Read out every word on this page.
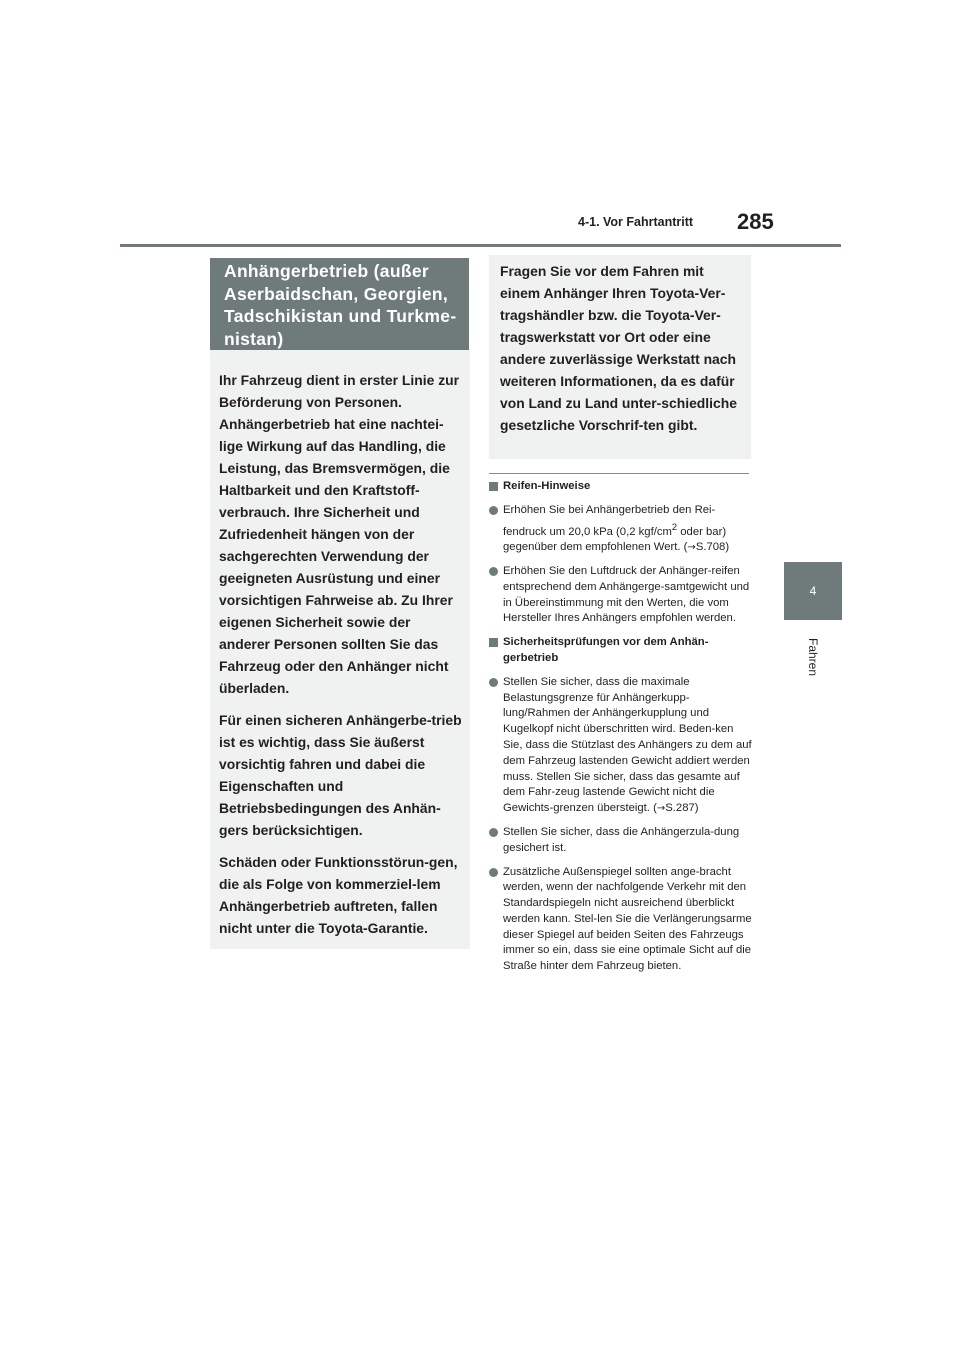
4-1. Vor Fahrtantritt 285
4
Fahren
Anhängerbetrieb (außer Aserbaidschan, Georgien, Tadschikistan und Turkme-nistan)

Ihr Fahrzeug dient in erster Linie zur Beförderung von Personen. Anhängerbetrieb hat eine nachtei-lige Wirkung auf das Handling, die Leistung, das Bremsvermögen, die Haltbarkeit und den Kraftstoff-verbrauch. Ihre Sicherheit und Zufriedenheit hängen von der sachgerechten Verwendung der geeigneten Ausrüstung und einer vorsichtigen Fahrweise ab. Zu Ihrer eigenen Sicherheit sowie der anderer Personen sollten Sie das Fahrzeug oder den Anhänger nicht überladen.

Für einen sicheren Anhängerbe-trieb ist es wichtig, dass Sie äußerst vorsichtig fahren und dabei die Eigenschaften und Betriebsbedingungen des Anhän-gers berücksichtigen.

Schäden oder Funktionsstörun-gen, die als Folge von kommerziel-lem Anhängerbetrieb auftreten, fallen nicht unter die Toyota-Garantie.

Fragen Sie vor dem Fahren mit einem Anhänger Ihren Toyota-Ver-tragshändler bzw. die Toyota-Ver-tragswerkstatt vor Ort oder eine andere zuverlässige Werkstatt nach weiteren Informationen, da es dafür von Land zu Land unter-schiedliche gesetzliche Vorschrif-ten gibt.

Reifen-Hinweise
Erhöhen Sie bei Anhängerbetrieb den Rei-fendruck um 20,0 kPa (0,2 kgf/$cm^2$ oder bar) gegenüber dem empfohlenen Wert. (→S.708)
Erhöhen Sie den Luftdruck der Anhänger-reifen entsprechend dem Anhängerge-samtgewicht und in Übereinstimmung mit den Werten, die vom Hersteller Ihres Anhängers empfohlen werden.
Sicherheitsprüfungen vor dem Anhän-gerbetrieb
Stellen Sie sicher, dass die maximale Belastungsgrenze für Anhängerkupp-lung/Rahmen der Anhängerkupplung und Kugelkopf nicht überschritten wird. Beden-ken Sie, dass die Stützlast des Anhängers zu dem auf dem Fahrzeug lastenden Gewicht addiert werden muss. Stellen Sie sicher, dass das gesamte auf dem Fahr-zeug lastende Gewicht nicht die Gewichts-grenzen übersteigt. (→S.287)
Stellen Sie sicher, dass die Anhängerzula-dung gesichert ist.
Zusätzliche Außenspiegel sollten ange-bracht werden, wenn der nachfolgende Verkehr mit den Standardspiegeln nicht ausreichend überblickt werden kann. Stel-len Sie die Verlängerungsarme dieser Spiegel auf beiden Seiten des Fahrzeugs immer so ein, dass sie eine optimale Sicht auf die Straße hinter dem Fahrzeug bieten.
